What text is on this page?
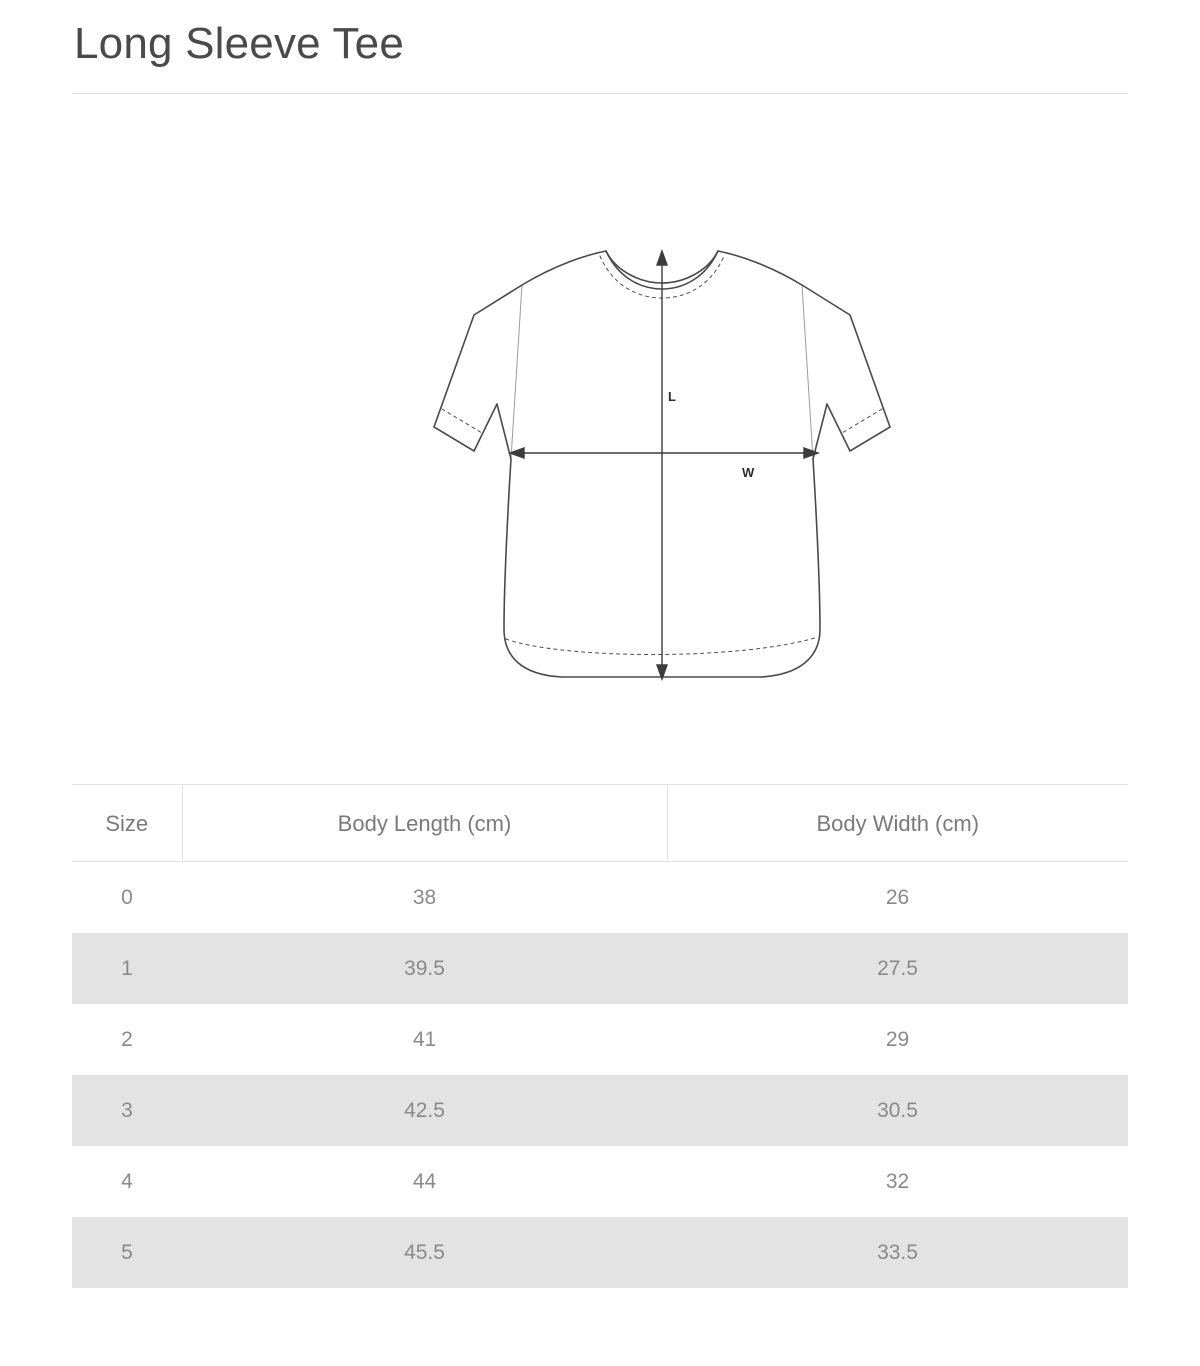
Long Sleeve Tee
L
W
Size	Body Length (cm)	Body Width (cm)
0	38	26
1	39.5	27.5
2	41	29
3	42.5	30.5
4	44	32
5	45.5	33.5
